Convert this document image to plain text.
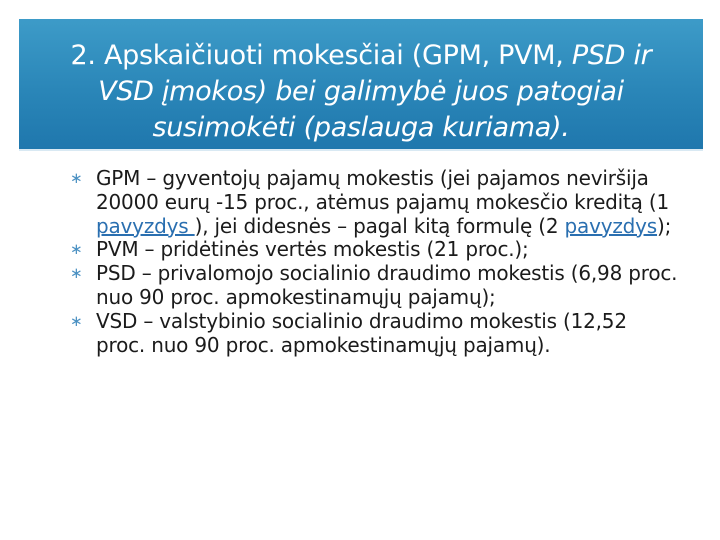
2. Apskaičiuoti mokesčiai (GPM, PVM, PSD ir VSD įmokos) bei galimybė juos patogiai susimokėti (paslauga kuriama).
∗ GPM – gyventojų pajamų mokestis (jei pajamos neviršija 20000 eurų -15 proc., atėmus pajamų mokesčio kreditą (1 pavyzdys ), jei didesnės – pagal kitą formulę (2 pavyzdys);
∗ PVM – pridėtinės vertės mokestis (21 proc.);
∗ PSD – privalomojo socialinio draudimo mokestis (6,98 proc. nuo 90 proc. apmokestinamųjų pajamų);
∗ VSD – valstybinio socialinio draudimo mokestis (12,52 proc. nuo 90 proc. apmokestinamųjų pajamų).
